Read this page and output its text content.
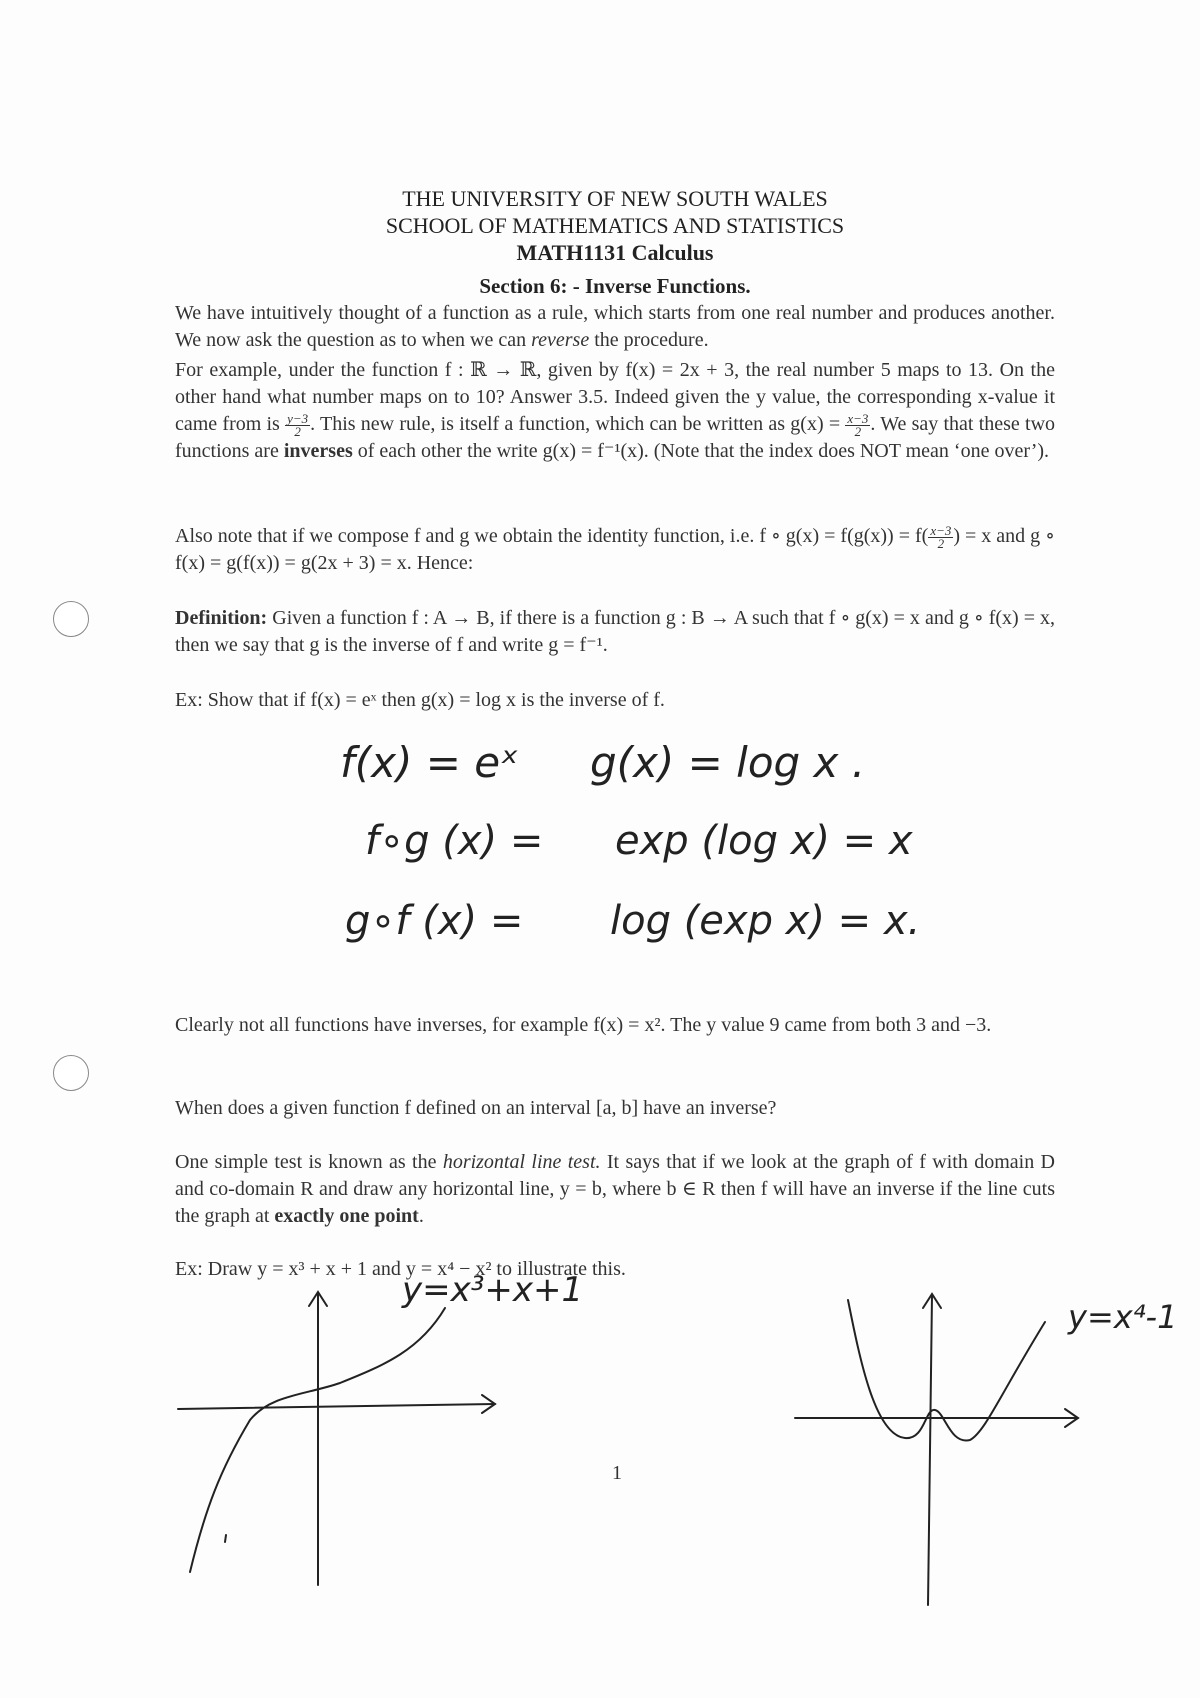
THE UNIVERSITY OF NEW SOUTH WALES
SCHOOL OF MATHEMATICS AND STATISTICS
MATH1131 Calculus
Section 6: - Inverse Functions.
We have intuitively thought of a function as a rule, which starts from one real number and produces another. We now ask the question as to when we can reverse the procedure.
For example, under the function f : ℝ → ℝ, given by f(x) = 2x + 3, the real number 5 maps to 13. On the other hand what number maps on to 10? Answer 3.5. Indeed given the y value, the corresponding x-value it came from is $\frac{y-3}{2}$ . This new rule, is itself a function, which can be written as $g(x) = \frac{x-3}{2}$ . We say that these two functions are inverses of each other the write g(x) = f⁻¹(x). (Note that the index does NOT mean ‘one over’).
Also note that if we compose f and g we obtain the identity function, i.e. f ∘ $g(x) = f(g(x)) = f( \frac{x-3}{2}$ ) = x and g ∘ f(x) = g(f(x)) = g(2x + 3) = x. Hence:
Definition: Given a function f : A → B, if there is a function g : B → A such that f ∘ g(x) = x and g ∘ f(x) = x, then we say that g is the inverse of f and write g = f⁻¹.
Ex: Show that if f(x) = eˣ then g(x) = log x is the inverse of f.
f(x) = eˣ g(x) = log x .
f∘g (x) = exp (log x) = x
g∘f (x) = log (exp x) = x.
Clearly not all functions have inverses, for example f(x) = x². The y value 9 came from both 3 and −3.
When does a given function f defined on an interval [a, b] have an inverse?
One simple test is known as the horizontal line test. It says that if we look at the graph of f with domain D and co-domain R and draw any horizontal line, y = b, where b ∈ R then f will have an inverse if the line cuts the graph at exactly one point.
Ex: Draw y = x³ + x + 1 and y = x⁴ − x² to illustrate this.
y=x³+x+1
y=x⁴-1
1
